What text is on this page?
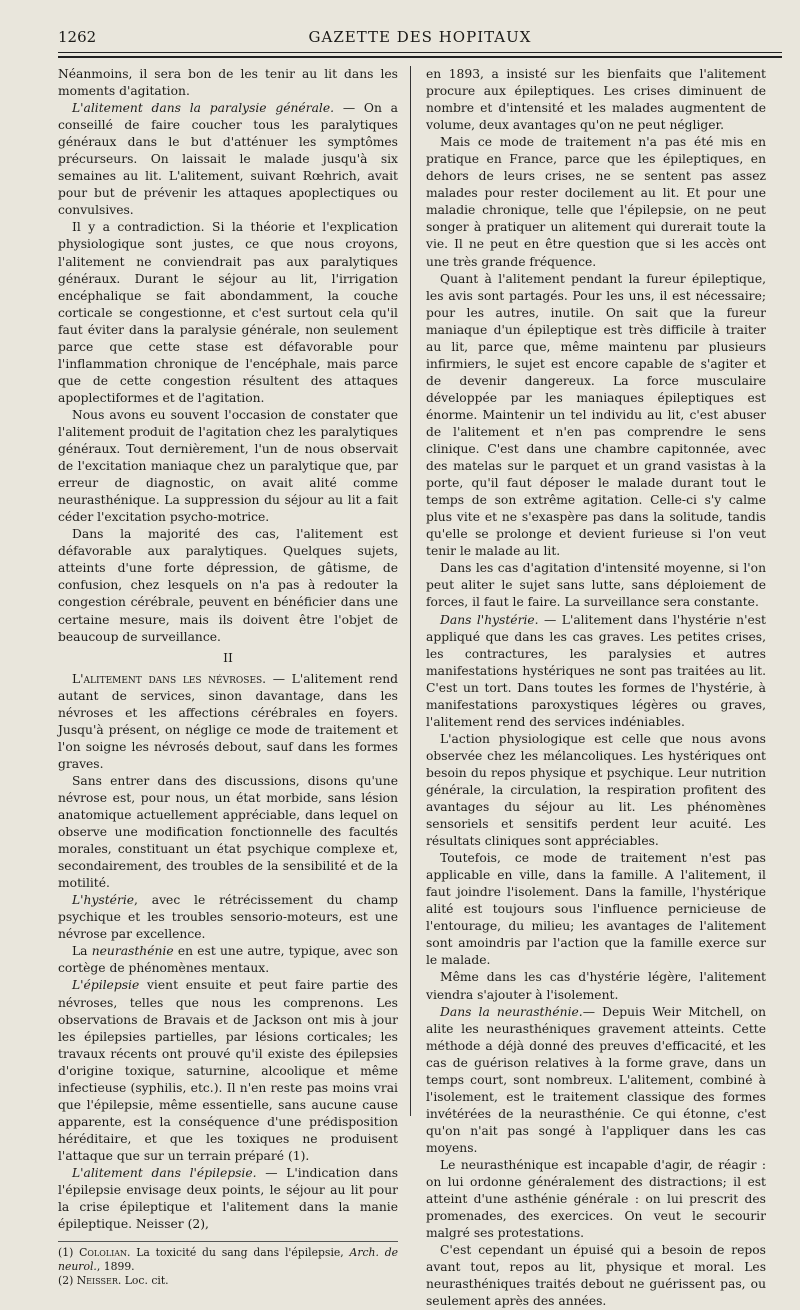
1262	GAZETTE DES HOPITAUX

Néanmoins, il sera bon de les tenir au lit dans les moments d'agitation.

L'alitement dans la paralysie générale. — On a conseillé de faire coucher tous les paralytiques généraux dans le but d'atténuer les symptômes précurseurs. On laissait le malade jusqu'à six semaines au lit. L'alitement, suivant Rœhrich, avait pour but de prévenir les attaques apoplectiques ou convulsives.

Il y a contradiction. Si la théorie et l'explication physiologique sont justes, ce que nous croyons, l'alitement ne conviendrait pas aux paralytiques généraux. Durant le séjour au lit, l'irrigation encéphalique se fait abondamment, la couche corticale se congestionne, et c'est surtout cela qu'il faut éviter dans la paralysie générale, non seulement parce que cette stase est défavorable pour l'inflammation chronique de l'encéphale, mais parce que de cette congestion résultent des attaques apoplectiformes et de l'agitation.

Nous avons eu souvent l'occasion de constater que l'alitement produit de l'agitation chez les paralytiques généraux. Tout dernièrement, l'un de nous observait de l'excitation maniaque chez un paralytique que, par erreur de diagnostic, on avait alité comme neurasthénique. La suppression du séjour au lit a fait céder l'excitation psycho-motrice.

Dans la majorité des cas, l'alitement est défavorable aux paralytiques. Quelques sujets, atteints d'une forte dépression, de gâtisme, de confusion, chez lesquels on n'a pas à redouter la congestion cérébrale, peuvent en bénéficier dans une certaine mesure, mais ils doivent être l'objet de beaucoup de surveillance.

II

L'alitement dans les névroses. — L'alitement rend autant de services, sinon davantage, dans les névroses et les affections cérébrales en foyers. Jusqu'à présent, on néglige ce mode de traitement et l'on soigne les névrosés debout, sauf dans les formes graves.

Sans entrer dans des discussions, disons qu'une névrose est, pour nous, un état morbide, sans lésion anatomique actuellement appréciable, dans lequel on observe une modification fonctionnelle des facultés morales, constituant un état psychique complexe et, secondairement, des troubles de la sensibilité et de la motilité.

L'hystérie, avec le rétrécissement du champ psychique et les troubles sensorio-moteurs, est une névrose par excellence.

La neurasthénie en est une autre, typique, avec son cortège de phénomènes mentaux.

L'épilepsie vient ensuite et peut faire partie des névroses, telles que nous les comprenons. Les observations de Bravais et de Jackson ont mis à jour les épilepsies partielles, par lésions corticales; les travaux récents ont prouvé qu'il existe des épilepsies d'origine toxique, saturnine, alcoolique et même infectieuse (syphilis, etc.). Il n'en reste pas moins vrai que l'épilepsie, même essentielle, sans aucune cause apparente, est la conséquence d'une prédisposition héréditaire, et que les toxiques ne produisent l'attaque que sur un terrain préparé (1).

L'alitement dans l'épilepsie. — L'indication dans l'épilepsie envisage deux points, le séjour au lit pour la crise épileptique et l'alitement dans la manie épileptique. Neisser (2),

(1) Cololian. La toxicité du sang dans l'épilepsie, Arch. de neurol., 1899.

(2) Neisser. Loc. cit.

en 1893, a insisté sur les bienfaits que l'alitement procure aux épileptiques. Les crises diminuent de nombre et d'intensité et les malades augmentent de volume, deux avantages qu'on ne peut négliger.

Mais ce mode de traitement n'a pas été mis en pratique en France, parce que les épileptiques, en dehors de leurs crises, ne se sentent pas assez malades pour rester docilement au lit. Et pour une maladie chronique, telle que l'épilepsie, on ne peut songer à pratiquer un alitement qui durerait toute la vie. Il ne peut en être question que si les accès ont une très grande fréquence.

Quant à l'alitement pendant la fureur épileptique, les avis sont partagés. Pour les uns, il est nécessaire; pour les autres, inutile. On sait que la fureur maniaque d'un épileptique est très difficile à traiter au lit, parce que, même maintenu par plusieurs infirmiers, le sujet est encore capable de s'agiter et de devenir dangereux. La force musculaire développée par les maniaques épileptiques est énorme. Maintenir un tel individu au lit, c'est abuser de l'alitement et n'en pas comprendre le sens clinique. C'est dans une chambre capitonnée, avec des matelas sur le parquet et un grand vasistas à la porte, qu'il faut déposer le malade durant tout le temps de son extrême agitation. Celle-ci s'y calme plus vite et ne s'exaspère pas dans la solitude, tandis qu'elle se prolonge et devient furieuse si l'on veut tenir le malade au lit.

Dans les cas d'agitation d'intensité moyenne, si l'on peut aliter le sujet sans lutte, sans déploiement de forces, il faut le faire. La surveillance sera constante.

Dans l'hystérie. — L'alitement dans l'hystérie n'est appliqué que dans les cas graves. Les petites crises, les contractures, les paralysies et autres manifestations hystériques ne sont pas traitées au lit. C'est un tort. Dans toutes les formes de l'hystérie, à manifestations paroxystiques légères ou graves, l'alitement rend des services indéniables.

L'action physiologique est celle que nous avons observée chez les mélancoliques. Les hystériques ont besoin du repos physique et psychique. Leur nutrition générale, la circulation, la respiration profitent des avantages du séjour au lit. Les phénomènes sensoriels et sensitifs perdent leur acuité. Les résultats cliniques sont appréciables.

Toutefois, ce mode de traitement n'est pas applicable en ville, dans la famille. A l'alitement, il faut joindre l'isolement. Dans la famille, l'hystérique alité est toujours sous l'influence pernicieuse de l'entourage, du milieu; les avantages de l'alitement sont amoindris par l'action que la famille exerce sur le malade.

Même dans les cas d'hystérie légère, l'alitement viendra s'ajouter à l'isolement.

Dans la neurasthénie.— Depuis Weir Mitchell, on alite les neurasthéniques gravement atteints. Cette méthode a déjà donné des preuves d'efficacité, et les cas de guérison relatives à la forme grave, dans un temps court, sont nombreux. L'alitement, combiné à l'isolement, est le traitement classique des formes invétérées de la neurasthénie. Ce qui étonne, c'est qu'on n'ait pas songé à l'appliquer dans les cas moyens.

Le neurasthénique est incapable d'agir, de réagir : on lui ordonne généralement des distractions; il est atteint d'une asthénie générale : on lui prescrit des promenades, des exercices. On veut le secourir malgré ses protestations.

C'est cependant un épuisé qui a besoin de repos avant tout, repos au lit, physique et moral. Les neurasthéniques traités debout ne guérissent pas, ou seulement après des années.
